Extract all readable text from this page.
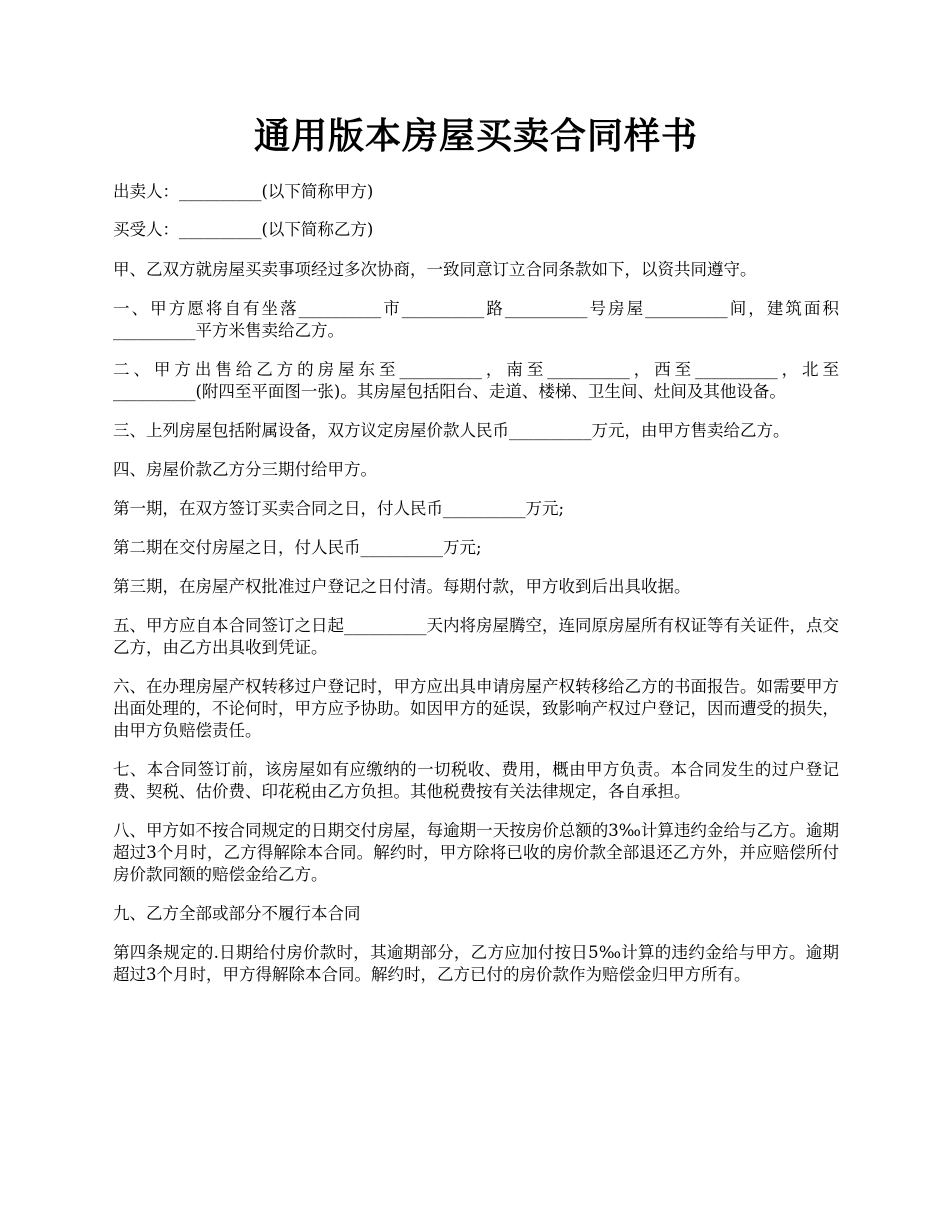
通用版本房屋买卖合同样书

出卖人：__________(以下简称甲方)

买受人：__________(以下简称乙方)

甲、乙双方就房屋买卖事项经过多次协商，一致同意订立合同条款如下，以资共同遵守。

一、甲方愿将自有坐落__________市__________路__________号房屋__________间，建筑面积__________平方米售卖给乙方。

二、甲方出售给乙方的房屋东至__________，南至__________，西至__________，北至__________(附四至平面图一张)。其房屋包括阳台、走道、楼梯、卫生间、灶间及其他设备。

三、上列房屋包括附属设备，双方议定房屋价款人民币__________万元，由甲方售卖给乙方。

四、房屋价款乙方分三期付给甲方。

第一期，在双方签订买卖合同之日，付人民币__________万元;

第二期在交付房屋之日，付人民币__________万元;

第三期，在房屋产权批准过户登记之日付清。每期付款，甲方收到后出具收据。

五、甲方应自本合同签订之日起__________天内将房屋腾空，连同原房屋所有权证等有关证件，点交乙方，由乙方出具收到凭证。

六、在办理房屋产权转移过户登记时，甲方应出具申请房屋产权转移给乙方的书面报告。如需要甲方出面处理的，不论何时，甲方应予协助。如因甲方的延误，致影响产权过户登记，因而遭受的损失，由甲方负赔偿责任。

七、本合同签订前，该房屋如有应缴纳的一切税收、费用，概由甲方负责。本合同发生的过户登记费、契税、估价费、印花税由乙方负担。其他税费按有关法律规定，各自承担。

八、甲方如不按合同规定的日期交付房屋，每逾期一天按房价总额的3‰计算违约金给与乙方。逾期超过3个月时，乙方得解除本合同。解约时，甲方除将已收的房价款全部退还乙方外，并应赔偿所付房价款同额的赔偿金给乙方。

九、乙方全部或部分不履行本合同

第四条规定的.日期给付房价款时，其逾期部分，乙方应加付按日5‰计算的违约金给与甲方。逾期超过3个月时，甲方得解除本合同。解约时，乙方已付的房价款作为赔偿金归甲方所有。
